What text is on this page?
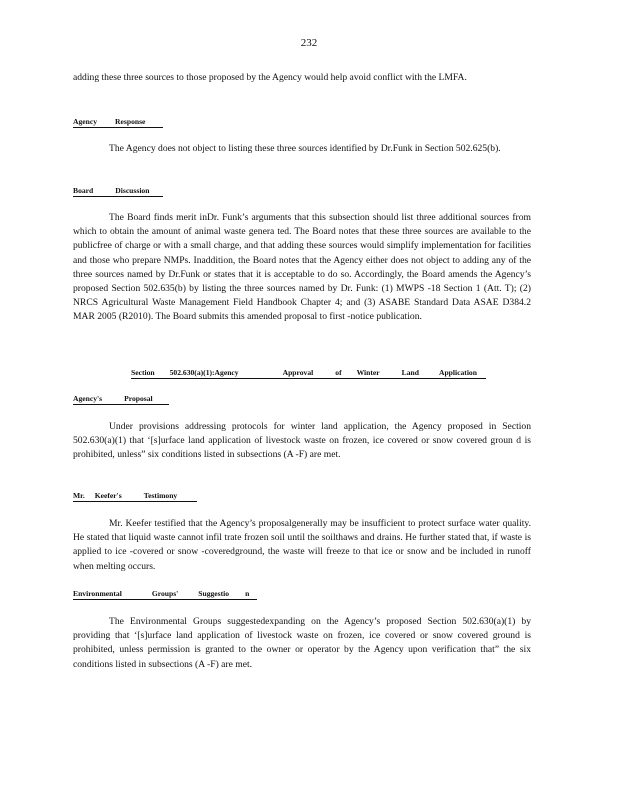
232
adding these three sources to those proposed by the Agency would help avoid conflict with the LMFA.
Agency Response
The Agency does not object to listing these three sources identified by Dr.Funk in Section 502.625(b).
Board	Discussion
The Board finds merit inDr. Funk’s arguments that this subsection should list three additional sources from which to obtain the amount of animal waste genera ted. The Board notes that these three sources are available to the publicfree of charge or with a small charge, and that adding these sources would simplify implementation for facilities and those who prepare NMPs. Inaddition, the Board notes that the Agency either does not object to adding any of the three sources named by Dr.Funk or states that it is acceptable to do so. Accordingly, the Board amends the Agency’s proposed Section 502.635(b) by listing the three sources named by Dr. Funk: (1) MWPS -18 Section 1 (Att. T); (2) NRCS Agricultural Waste Management Field Handbook Chapter 4; and (3) ASABE Standard Data ASAE D384.2 MAR 2005 (R2010). The Board submits this amended proposal to first -notice publication.
Section 502.630(a)(1):Agency	Approval	of Winter	Land	Application
Agency's	Proposal
Under provisions addressing protocols for winter land application, the Agency proposed in Section 502.630(a)(1) that ‘[s]urface land application of livestock waste on frozen, ice covered or snow covered groun d is prohibited, unless” six conditions listed in subsections (A -F) are met.
Mr. Keefer's	Testimony
Mr. Keefer testified that the Agency’s proposalgenerally may be insufficient to protect surface water quality. He stated that liquid waste cannot infil trate frozen soil until the soilthaws and drains. He further stated that, if waste is applied to ice -covered or snow -coveredground, the waste will freeze to that ice or snow and be included in runoff when melting occurs.
Environmental	Groups'	Suggestio n
The Environmental Groups suggestedexpanding on the Agency’s proposed Section 502.630(a)(1) by providing that ‘[s]urface land application of livestock waste on frozen, ice covered or snow covered ground is prohibited, unless permission is granted to the owner or operator by the Agency upon verification that” the six conditions listed in subsections (A -F) are met.
